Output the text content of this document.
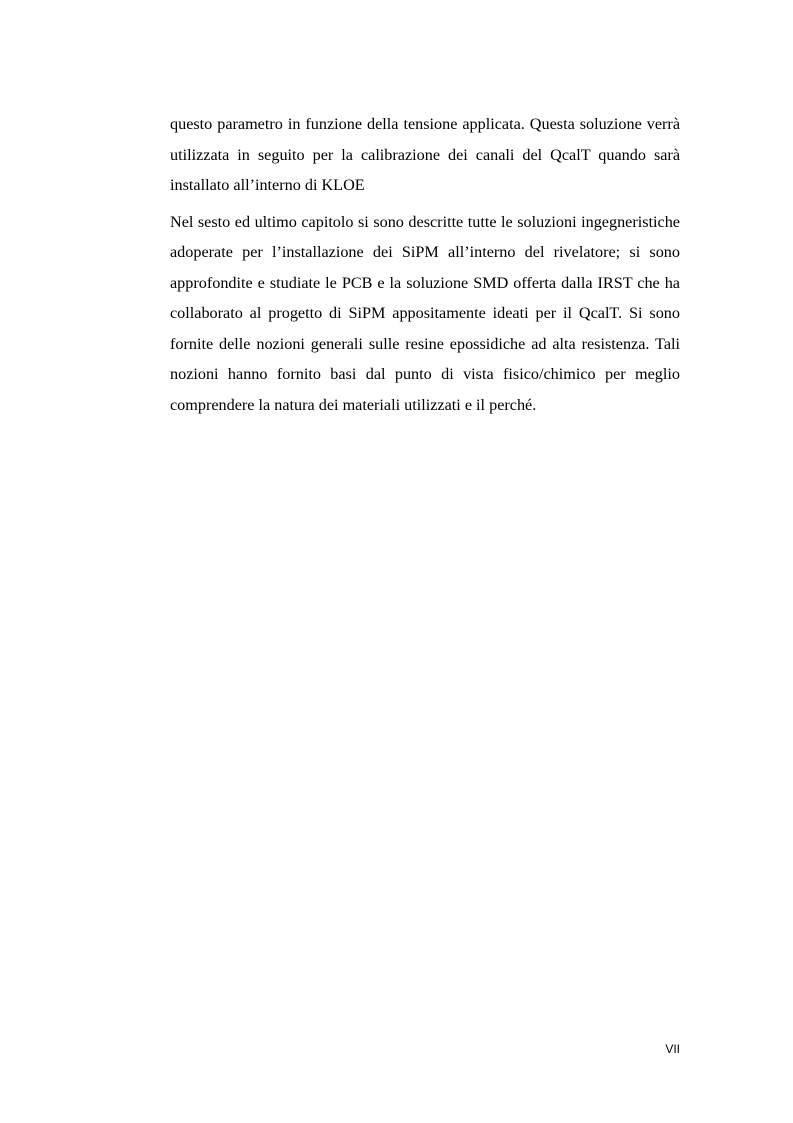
questo parametro in funzione della tensione applicata. Questa soluzione verrà utilizzata in seguito per la calibrazione dei canali del QcalT quando sarà installato all’interno di KLOE

Nel sesto ed ultimo capitolo si sono descritte tutte le soluzioni ingegneristiche adoperate per l’installazione dei SiPM all’interno del rivelatore; si sono approfondite e studiate le PCB e la soluzione SMD offerta dalla IRST che ha collaborato al progetto di SiPM appositamente ideati per il QcalT. Si sono fornite delle nozioni generali sulle resine epossidiche ad alta resistenza. Tali nozioni hanno fornito basi dal punto di vista fisico/chimico per meglio comprendere la natura dei materiali utilizzati e il perché.

VII
